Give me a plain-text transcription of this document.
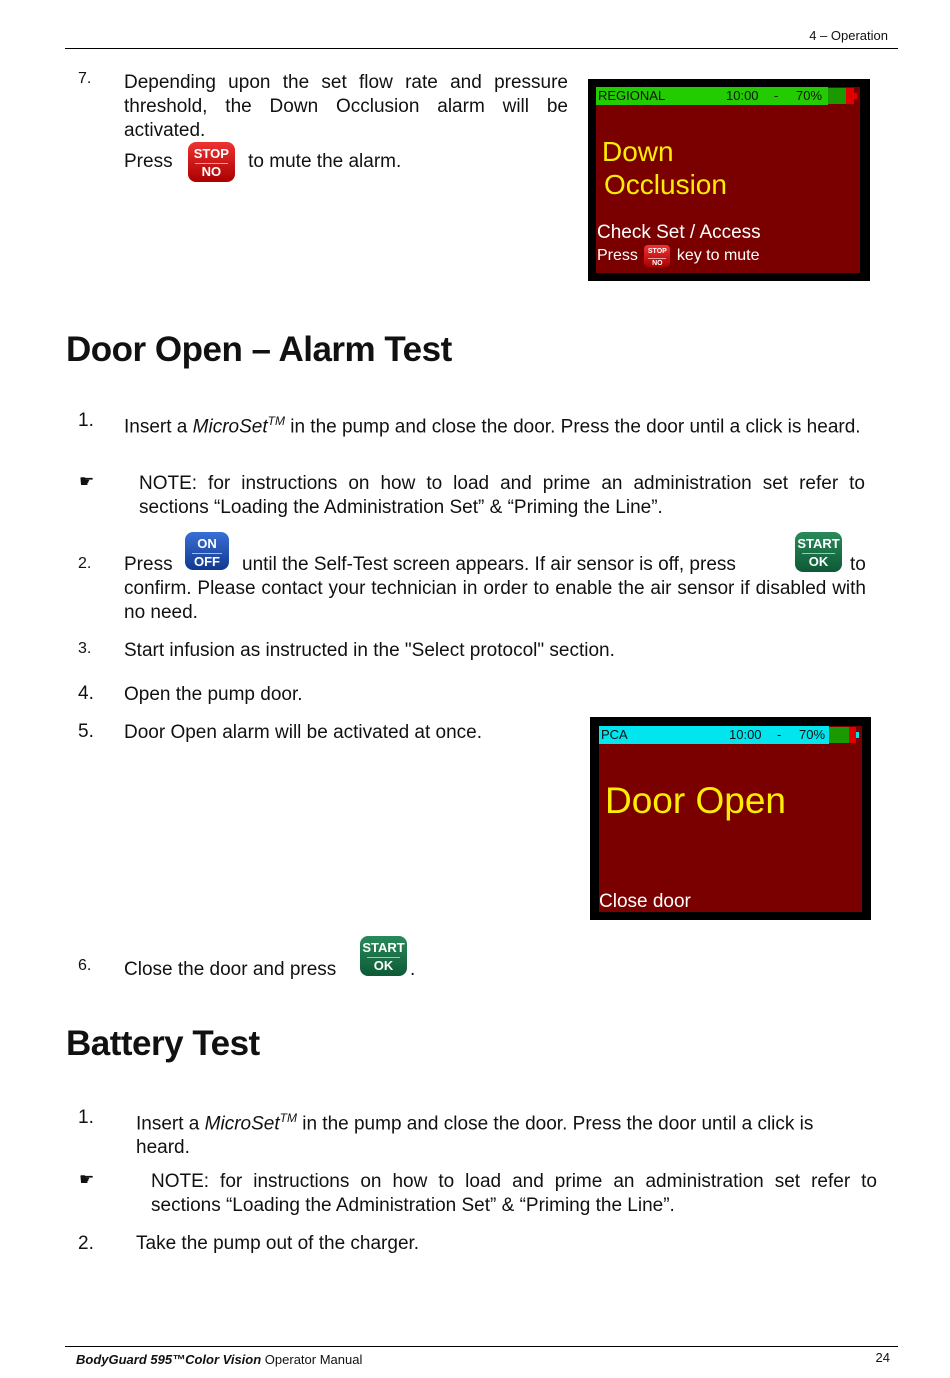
4 – Operation
7. Depending upon the set flow rate and pressure threshold, the Down Occlusion alarm will be activated.
Press	STOP
NO	to mute the alarm.
REGIONAL	10:00 - 70%
Down
Occlusion
Check Set / Access
Press	STOP
NO key to mute
Door Open – Alarm Test
1. Insert a MicroSet™ in the pump and close the door. Press the door until a click is heard.
☛ NOTE: for instructions on how to load and prime an administration set refer to sections “Loading the Administration Set” & “Priming the Line”.
2. Press
ON
OFF until the Self-Test screen appears. If air sensor is off, press
START
OK	to
confirm. Please contact your technician in order to enable the air sensor if disabled with no need.
3. Start infusion as instructed in the "Select protocol" section.
4. Open the pump door.
5. Door Open alarm will be activated at once.	PCA	10:00 - 70%
Door Open
Close door
6. Close the door and press
START
OK .
Battery Test
1. Insert a MicroSet™ in the pump and close the door. Press the door until a click is heard.
☛	NOTE: for instructions on how to load and prime an administration set refer to sections “Loading the Administration Set” & “Priming the Line”.
2. Take the pump out of the charger.
BodyGuard 595™Color Vision Operator Manual	24
